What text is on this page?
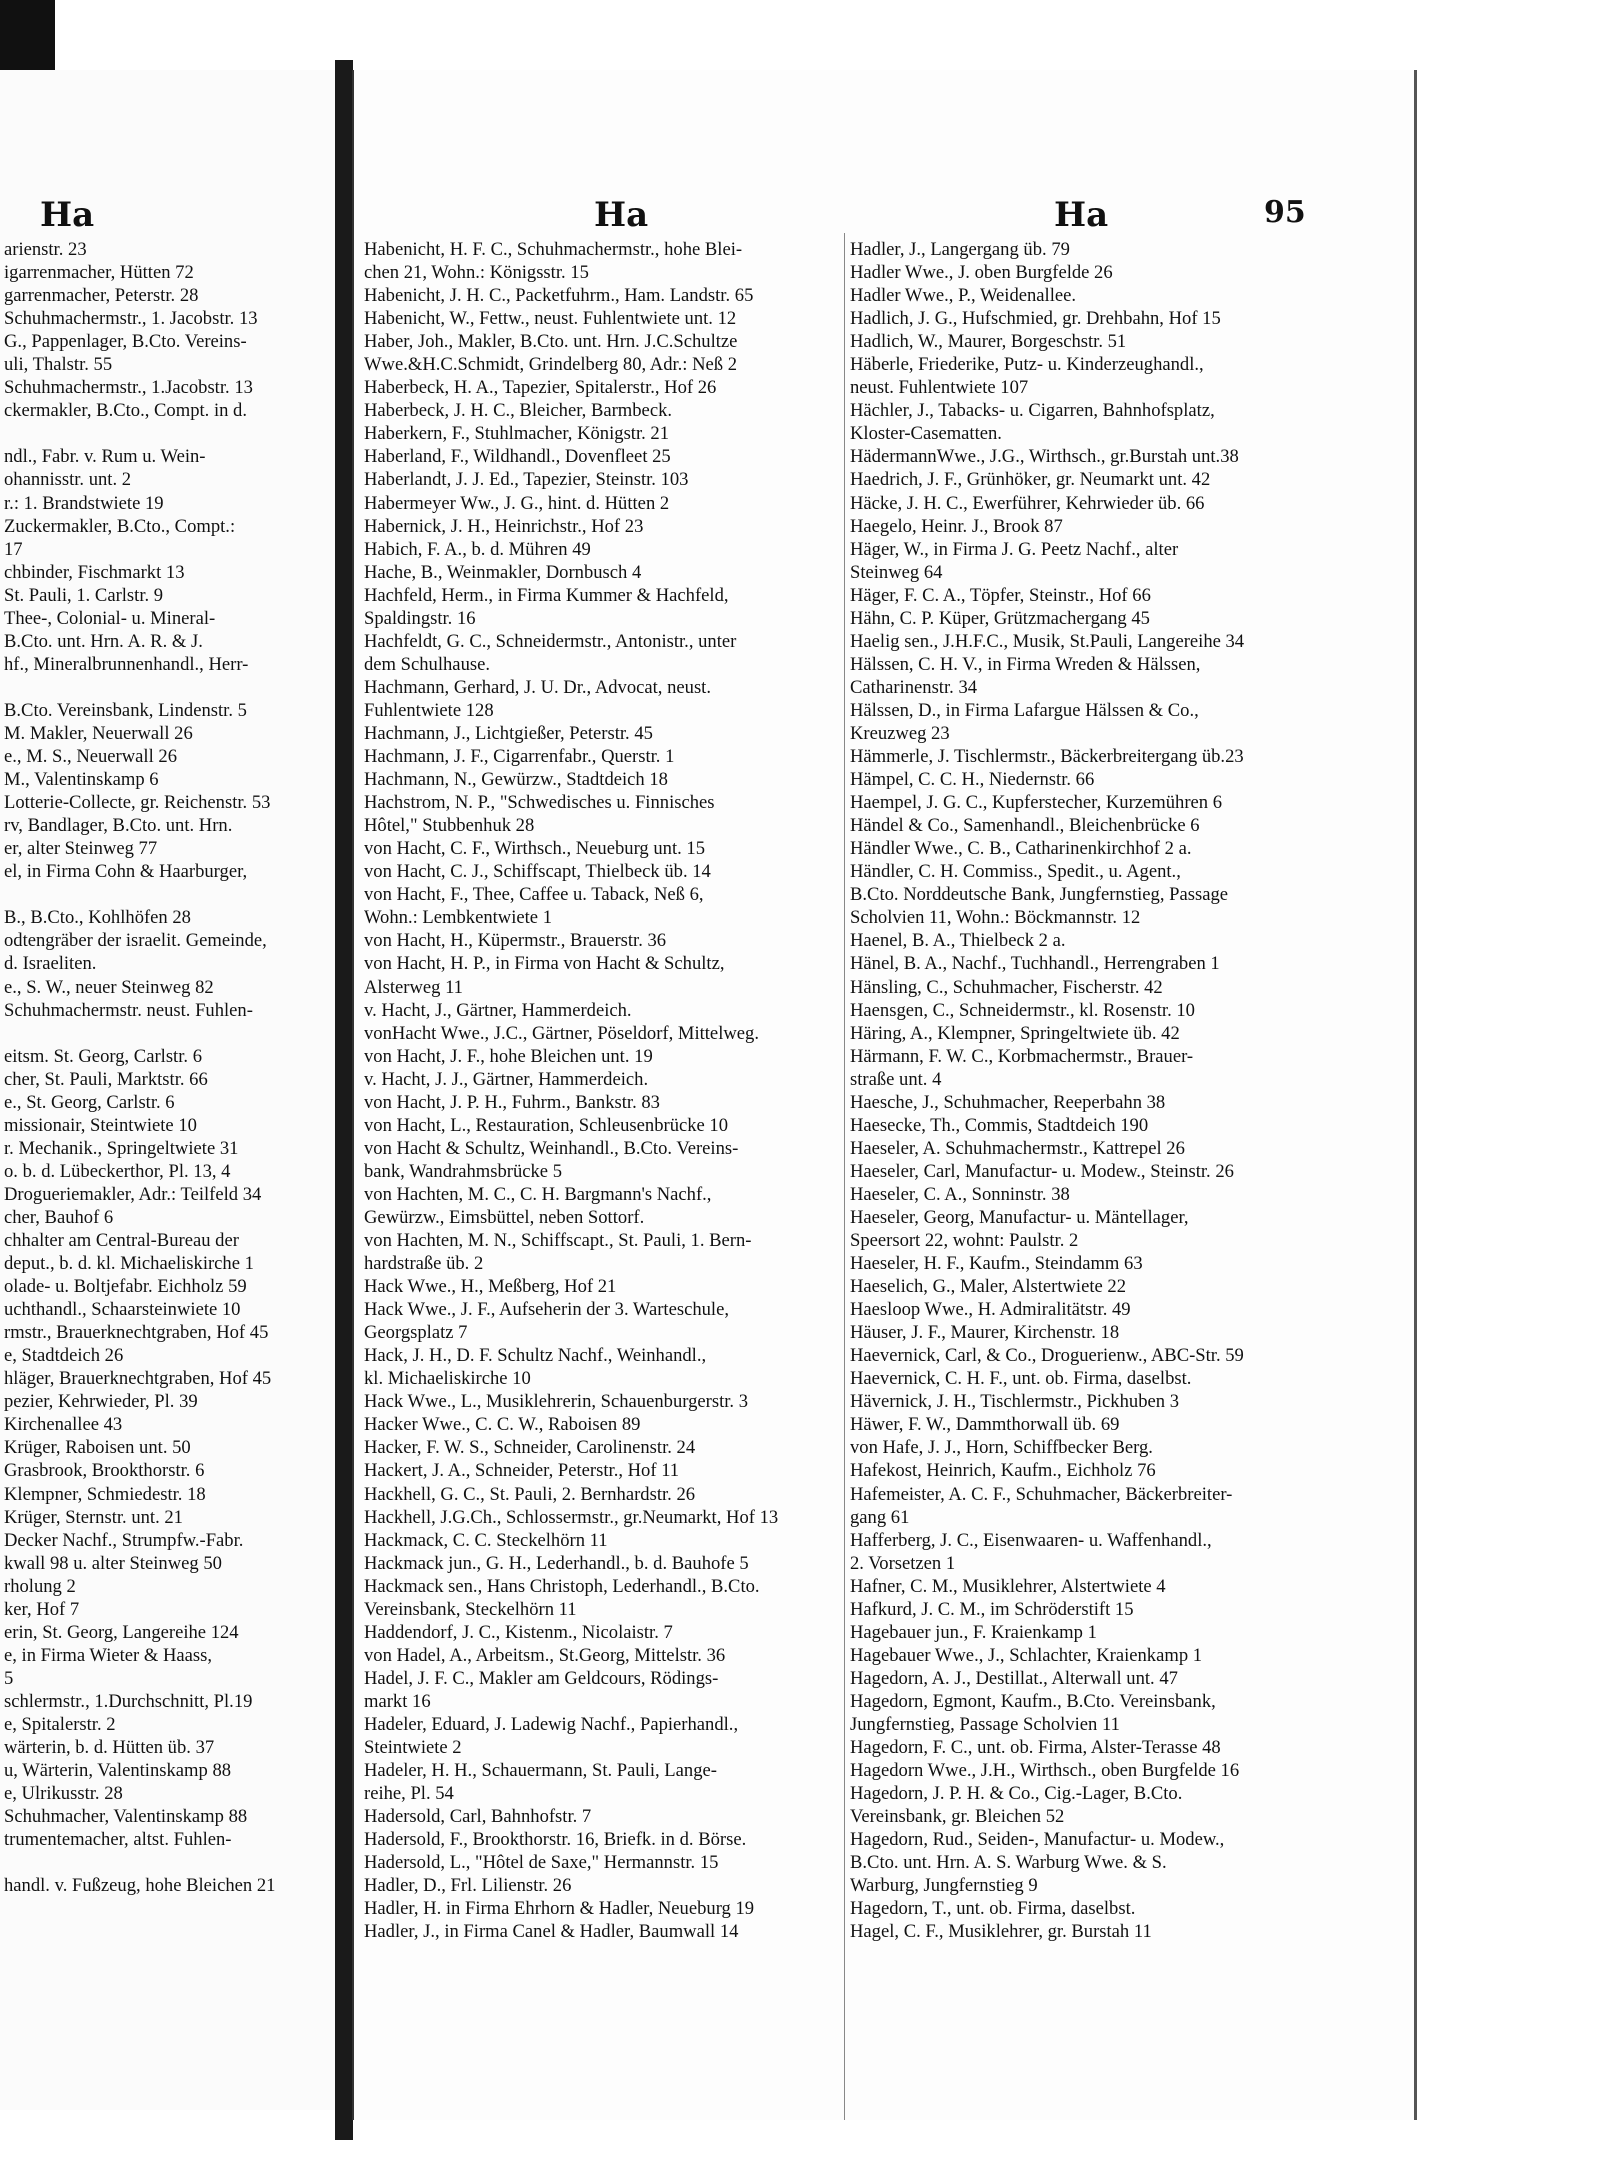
Ha
arienstr. 23
igarrenmacher, Hütten 72
garrenmacher, Peterstr. 28
Schuhmachermstr., 1. Jacobstr. 13
G., Pappenlager, B.Cto. Vereins-
uli, Thalstr. 55
Schuhmachermstr., 1.Jacobstr. 13
ckermakler, B.Cto., Compt. in d.
ndl., Fabr. v. Rum u. Wein-
ohannisstr. unt. 2
r.: 1. Brandstwiete 19
Zuckermakler, B.Cto., Compt.:
17
chbinder, Fischmarkt 13
St. Pauli, 1. Carlstr. 9
Thee-, Colonial- u. Mineral-
B.Cto. unt. Hrn. A. R. & J.
hf., Mineralbrunnenhandl., Herr-
B.Cto. Vereinsbank, Lindenstr. 5
M. Makler, Neuerwall 26
e., M. S., Neuerwall 26
M., Valentinskamp 6
Lotterie-Collecte, gr. Reichenstr. 53
rv, Bandlager, B.Cto. unt. Hrn.
er, alter Steinweg 77
el, in Firma Cohn & Haarburger,
B., B.Cto., Kohlhöfen 28
odtengräber der israelit. Gemeinde,
d. Israeliten.
e., S. W., neuer Steinweg 82
Schuhmachermstr. neust. Fuhlen-
eitsm. St. Georg, Carlstr. 6
cher, St. Pauli, Marktstr. 66
e., St. Georg, Carlstr. 6
missionair, Steintwiete 10
r. Mechanik., Springeltwiete 31
o. b. d. Lübeckerthor, Pl. 13, 4
Drogueriemakler, Adr.: Teilfeld 34
cher, Bauhof 6
chhalter am Central-Bureau der
deput., b. d. kl. Michaeliskirche 1
olade- u. Boltjefabr. Eichholz 59
uchthandl., Schaarsteinwiete 10
rmstr., Brauerknechtgraben, Hof 45
e, Stadtdeich 26
hläger, Brauerknechtgraben, Hof 45
pezier, Kehrwieder, Pl. 39
Kirchenallee 43
Krüger, Raboisen unt. 50
Grasbrook, Brookthorstr. 6
Klempner, Schmiedestr. 18
Krüger, Sternstr. unt. 21
Decker Nachf., Strumpfw.-Fabr.
kwall 98 u. alter Steinweg 50
rholung 2
ker, Hof 7
erin, St. Georg, Langereihe 124
e, in Firma Wieter & Haass,
5
schlermstr., 1.Durchschnitt, Pl.19
e, Spitalerstr. 2
wärterin, b. d. Hütten üb. 37
u, Wärterin, Valentinskamp 88
e, Ulrikusstr. 28
Schuhmacher, Valentinskamp 88
trumentemacher, altst. Fuhlen-
handl. v. Fußzeug, hohe Bleichen 21
Ha	Ha	95
Habenicht, H. F. C., Schuhmachermstr., hohe Blei-
chen 21, Wohn.: Königsstr. 15
Habenicht, J. H. C., Packetfuhrm., Ham. Landstr. 65
Habenicht, W., Fettw., neust. Fuhlentwiete unt. 12
Haber, Joh., Makler, B.Cto. unt. Hrn. J.C.Schultze
Wwe.&H.C.Schmidt, Grindelberg 80, Adr.: Neß 2
Haberbeck, H. A., Tapezier, Spitalerstr., Hof 26
Haberbeck, J. H. C., Bleicher, Barmbeck.
Haberkern, F., Stuhlmacher, Königstr. 21
Haberland, F., Wildhandl., Dovenfleet 25
Haberlandt, J. J. Ed., Tapezier, Steinstr. 103
Habermeyer Ww., J. G., hint. d. Hütten 2
Habernick, J. H., Heinrichstr., Hof 23
Habich, F. A., b. d. Mühren 49
Hache, B., Weinmakler, Dornbusch 4
Hachfeld, Herm., in Firma Kummer & Hachfeld,
Spaldingstr. 16
Hachfeldt, G. C., Schneidermstr., Antonistr., unter
dem Schulhause.
Hachmann, Gerhard, J. U. Dr., Advocat, neust.
Fuhlentwiete 128
Hachmann, J., Lichtgießer, Peterstr. 45
Hachmann, J. F., Cigarrenfabr., Querstr. 1
Hachmann, N., Gewürzw., Stadtdeich 18
Hachstrom, N. P., "Schwedisches u. Finnisches
Hôtel," Stubbenhuk 28
von Hacht, C. F., Wirthsch., Neueburg unt. 15
von Hacht, C. J., Schiffscapt, Thielbeck üb. 14
von Hacht, F., Thee, Caffee u. Taback, Neß 6,
Wohn.: Lembkentwiete 1
von Hacht, H., Küpermstr., Brauerstr. 36
von Hacht, H. P., in Firma von Hacht & Schultz,
Alsterweg 11
v. Hacht, J., Gärtner, Hammerdeich.
vonHacht Wwe., J.C., Gärtner, Pöseldorf, Mittelweg.
von Hacht, J. F., hohe Bleichen unt. 19
v. Hacht, J. J., Gärtner, Hammerdeich.
von Hacht, J. P. H., Fuhrm., Bankstr. 83
von Hacht, L., Restauration, Schleusenbrücke 10
von Hacht & Schultz, Weinhandl., B.Cto. Vereins-
bank, Wandrahmsbrücke 5
von Hachten, M. C., C. H. Bargmann's Nachf.,
Gewürzw., Eimsbüttel, neben Sottorf.
von Hachten, M. N., Schiffscapt., St. Pauli, 1. Bern-
hardstraße üb. 2
Hack Wwe., H., Meßberg, Hof 21
Hack Wwe., J. F., Aufseherin der 3. Warteschule,
Georgsplatz 7
Hack, J. H., D. F. Schultz Nachf., Weinhandl.,
kl. Michaeliskirche 10
Hack Wwe., L., Musiklehrerin, Schauenburgerstr. 3
Hacker Wwe., C. C. W., Raboisen 89
Hacker, F. W. S., Schneider, Carolinenstr. 24
Hackert, J. A., Schneider, Peterstr., Hof 11
Hackhell, G. C., St. Pauli, 2. Bernhardstr. 26
Hackhell, J.G.Ch., Schlossermstr., gr.Neumarkt, Hof 13
Hackmack, C. C. Steckelhörn 11
Hackmack jun., G. H., Lederhandl., b. d. Bauhofe 5
Hackmack sen., Hans Christoph, Lederhandl., B.Cto.
Vereinsbank, Steckelhörn 11
Haddendorf, J. C., Kistenm., Nicolaistr. 7
von Hadel, A., Arbeitsm., St.Georg, Mittelstr. 36
Hadel, J. F. C., Makler am Geldcours, Rödings-
markt 16
Hadeler, Eduard, J. Ladewig Nachf., Papierhandl.,
Steintwiete 2
Hadeler, H. H., Schauermann, St. Pauli, Lange-
reihe, Pl. 54
Hadersold, Carl, Bahnhofstr. 7
Hadersold, F., Brookthorstr. 16, Briefk. in d. Börse.
Hadersold, L., "Hôtel de Saxe," Hermannstr. 15
Hadler, D., Frl. Lilienstr. 26
Hadler, H. in Firma Ehrhorn & Hadler, Neueburg 19
Hadler, J., in Firma Canel & Hadler, Baumwall 14
Hadler, J., Langergang üb. 79
Hadler Wwe., J. oben Burgfelde 26
Hadler Wwe., P., Weidenallee.
Hadlich, J. G., Hufschmied, gr. Drehbahn, Hof 15
Hadlich, W., Maurer, Borgeschstr. 51
Häberle, Friederike, Putz- u. Kinderzeughandl.,
neust. Fuhlentwiete 107
Hächler, J., Tabacks- u. Cigarren, Bahnhofsplatz,
Kloster-Casematten.
HädermannWwe., J.G., Wirthsch., gr.Burstah unt.38
Haedrich, J. F., Grünhöker, gr. Neumarkt unt. 42
Häcke, J. H. C., Ewerführer, Kehrwieder üb. 66
Haegelo, Heinr. J., Brook 87
Häger, W., in Firma J. G. Peetz Nachf., alter
Steinweg 64
Häger, F. C. A., Töpfer, Steinstr., Hof 66
Hähn, C. P. Küper, Grützmachergang 45
Haelig sen., J.H.F.C., Musik, St.Pauli, Langereihe 34
Hälssen, C. H. V., in Firma Wreden & Hälssen,
Catharinenstr. 34
Hälssen, D., in Firma Lafargue Hälssen & Co.,
Kreuzweg 23
Hämmerle, J. Tischlermstr., Bäckerbreitergang üb.23
Hämpel, C. C. H., Niedernstr. 66
Haempel, J. G. C., Kupferstecher, Kurzemühren 6
Händel & Co., Samenhandl., Bleichenbrücke 6
Händler Wwe., C. B., Catharinenkirchhof 2 a.
Händler, C. H. Commiss., Spedit., u. Agent.,
B.Cto. Norddeutsche Bank, Jungfernstieg, Passage
Scholvien 11, Wohn.: Böckmannstr. 12
Haenel, B. A., Thielbeck 2 a.
Hänel, B. A., Nachf., Tuchhandl., Herrengraben 1
Hänsling, C., Schuhmacher, Fischerstr. 42
Haensgen, C., Schneidermstr., kl. Rosenstr. 10
Häring, A., Klempner, Springeltwiete üb. 42
Härmann, F. W. C., Korbmachermstr., Brauer-
straße unt. 4
Haesche, J., Schuhmacher, Reeperbahn 38
Haesecke, Th., Commis, Stadtdeich 190
Haeseler, A. Schuhmachermstr., Kattrepel 26
Haeseler, Carl, Manufactur- u. Modew., Steinstr. 26
Haeseler, C. A., Sonninstr. 38
Haeseler, Georg, Manufactur- u. Mäntellager,
Speersort 22, wohnt: Paulstr. 2
Haeseler, H. F., Kaufm., Steindamm 63
Haeselich, G., Maler, Alstertwiete 22
Haesloop Wwe., H. Admiralitätstr. 49
Häuser, J. F., Maurer, Kirchenstr. 18
Haevernick, Carl, & Co., Droguerienw., ABC-Str. 59
Haevernick, C. H. F., unt. ob. Firma, daselbst.
Hävernick, J. H., Tischlermstr., Pickhuben 3
Häwer, F. W., Dammthorwall üb. 69
von Hafe, J. J., Horn, Schiffbecker Berg.
Hafekost, Heinrich, Kaufm., Eichholz 76
Hafemeister, A. C. F., Schuhmacher, Bäckerbreiter-
gang 61
Hafferberg, J. C., Eisenwaaren- u. Waffenhandl.,
2. Vorsetzen 1
Hafner, C. M., Musiklehrer, Alstertwiete 4
Hafkurd, J. C. M., im Schröderstift 15
Hagebauer jun., F. Kraienkamp 1
Hagebauer Wwe., J., Schlachter, Kraienkamp 1
Hagedorn, A. J., Destillat., Alterwall unt. 47
Hagedorn, Egmont, Kaufm., B.Cto. Vereinsbank,
Jungfernstieg, Passage Scholvien 11
Hagedorn, F. C., unt. ob. Firma, Alster-Terasse 48
Hagedorn Wwe., J.H., Wirthsch., oben Burgfelde 16
Hagedorn, J. P. H. & Co., Cig.-Lager, B.Cto.
Vereinsbank, gr. Bleichen 52
Hagedorn, Rud., Seiden-, Manufactur- u. Modew.,
B.Cto. unt. Hrn. A. S. Warburg Wwe. & S.
Warburg, Jungfernstieg 9
Hagedorn, T., unt. ob. Firma, daselbst.
Hagel, C. F., Musiklehrer, gr. Burstah 11
